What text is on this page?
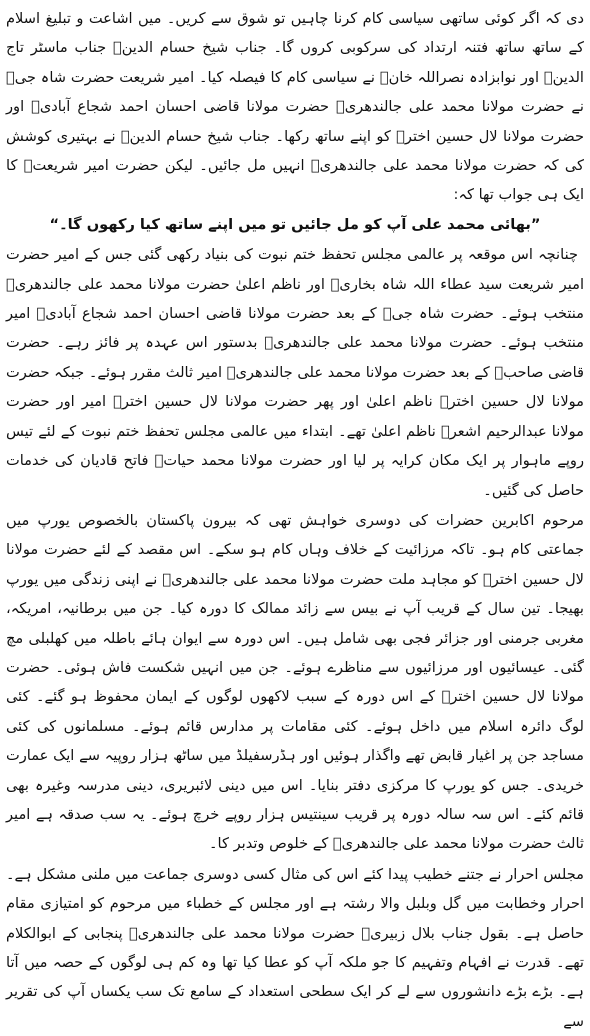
دی کہ اگر کوئی ساتھی سیاسی کام کرنا چاہیں تو شوق سے کریں۔ میں اشاعت و تبلیغ اسلام کے ساتھ ساتھ فتنہ ارتداد کی سرکوبی کروں گا۔ جناب شیخ حسام الدینؒ جناب ماسٹر تاج الدینؒ اور نوابزادہ نصراللہ خانؒ نے سیاسی کام کا فیصلہ کیا۔ امیر شریعت حضرت شاہ جیؒ نے حضرت مولانا محمد علی جالندھریؒ حضرت مولانا قاضی احسان احمد شجاع آبادیؒ اور حضرت مولانا لال حسین اخترؒ کو اپنے ساتھ رکھا۔ جناب شیخ حسام الدینؒ نے بہتیری کوشش کی کہ حضرت مولانا محمد علی جالندھریؒ انہیں مل جائیں۔ لیکن حضرت امیر شریعتؒ کا ایک ہی جواب تھا کہ:

”بھائی محمد علی آپ کو مل جائیں تو میں اپنے ساتھ کیا رکھوں گا۔“

چنانچہ اس موقعہ پر عالمی مجلس تحفظ ختم نبوت کی بنیاد رکھی گئی جس کے امیر حضرت امیر شریعت سید عطاء اللہ شاہ بخاریؒ اور ناظم اعلیٰ حضرت مولانا محمد علی جالندھریؒ منتخب ہوئے۔ حضرت شاہ جیؒ کے بعد حضرت مولانا قاضی احسان احمد شجاع آبادیؒ امیر منتخب ہوئے۔ حضرت مولانا محمد علی جالندھریؒ بدستور اس عہدہ پر فائز رہے۔ حضرت قاضی صاحبؒ کے بعد حضرت مولانا محمد علی جالندھریؒ امیر ثالث مقرر ہوئے۔ جبکہ حضرت مولانا لال حسین اخترؒ ناظم اعلیٰ اور پھر حضرت مولانا لال حسین اخترؒ امیر اور حضرت مولانا عبدالرحیم اشعرؒ ناظم اعلیٰ تھے۔ ابتداء میں عالمی مجلس تحفظ ختم نبوت کے لئے تیس روپے ماہوار پر ایک مکان کرایہ پر لیا اور حضرت مولانا محمد حیاتؒ فاتح قادیان کی خدمات حاصل کی گئیں۔

مرحوم اکابرین حضرات کی دوسری خواہش تھی کہ بیرون پاکستان بالخصوص یورپ میں جماعتی کام ہو۔ تاکہ مرزائیت کے خلاف وہاں کام ہو سکے۔ اس مقصد کے لئے حضرت مولانا لال حسین اخترؒ کو مجاہد ملت حضرت مولانا محمد علی جالندھریؒ نے اپنی زندگی میں یورپ بھیجا۔ تین سال کے قریب آپ نے بیس سے زائد ممالک کا دورہ کیا۔ جن میں برطانیہ، امریکہ، مغربی جرمنی اور جزائر فجی بھی شامل ہیں۔ اس دورہ سے ایوان ہائے باطلہ میں کھلبلی مچ گئی۔ عیسائیوں اور مرزائیوں سے مناظرے ہوئے۔ جن میں انہیں شکست فاش ہوئی۔ حضرت مولانا لال حسین اخترؒ کے اس دورہ کے سبب لاکھوں لوگوں کے ایمان محفوظ ہو گئے۔ کئی لوگ دائرہ اسلام میں داخل ہوئے۔ کئی مقامات پر مدارس قائم ہوئے۔ مسلمانوں کی کئی مساجد جن پر اغیار قابض تھے واگذار ہوئیں اور ہڈرسفیلڈ میں ساٹھ ہزار روپیہ سے ایک عمارت خریدی۔ جس کو یورپ کا مرکزی دفتر بنایا۔ اس میں دینی لائبریری، دینی مدرسہ وغیرہ بھی قائم کئے۔ اس سہ سالہ دورہ پر قریب سینتیس ہزار روپے خرچ ہوئے۔ یہ سب صدقہ ہے امیر ثالث حضرت مولانا محمد علی جالندھریؒ کے خلوص وتدبر کا۔

مجلس احرار نے جتنے خطیب پیدا کئے اس کی مثال کسی دوسری جماعت میں ملنی مشکل ہے۔ احرار وخطابت میں گل وبلبل والا رشتہ ہے اور مجلس کے خطباء میں مرحوم کو امتیازی مقام حاصل ہے۔ بقول جناب بلال زبیریؒ حضرت مولانا محمد علی جالندھریؒ پنجابی کے ابوالکلام تھے۔ قدرت نے افہام وتفہیم کا جو ملکہ آپ کو عطا کیا تھا وہ کم ہی لوگوں کے حصہ میں آتا ہے۔ بڑے بڑے دانشوروں سے لے کر ایک سطحی استعداد کے سامع تک سب یکساں آپ کی تقریر سے
